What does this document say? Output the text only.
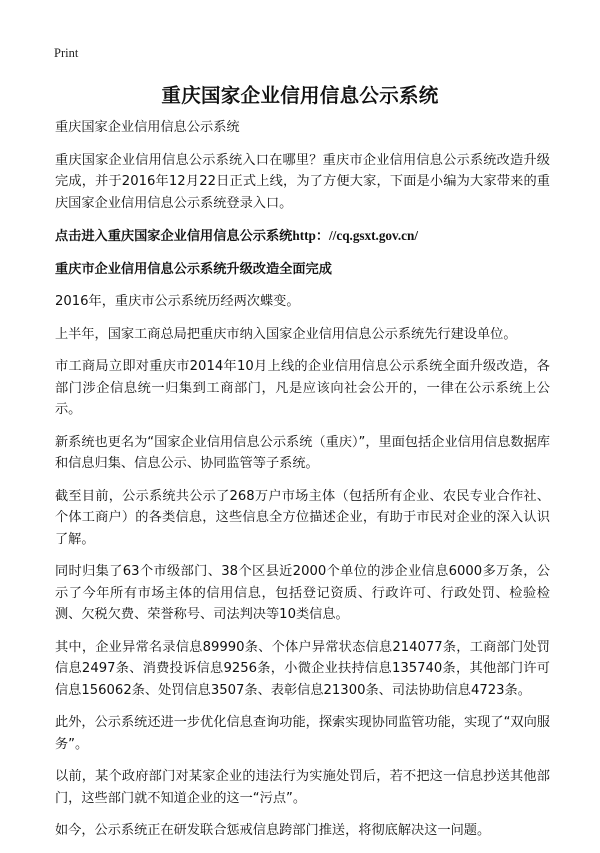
Print
重庆国家企业信用信息公示系统

重庆国家企业信用信息公示系统

重庆国家企业信用信息公示系统入口在哪里？重庆市企业信用信息公示系统改造升级完成，并于2016年12月22日正式上线，为了方便大家，下面是小编为大家带来的重庆国家企业信用信息公示系统登录入口。

点击进入重庆国家企业信用信息公示系统http：//cq.gsxt.gov.cn/

重庆市企业信用信息公示系统升级改造全面完成

2016年，重庆市公示系统历经两次蝶变。

上半年，国家工商总局把重庆市纳入国家企业信用信息公示系统先行建设单位。

市工商局立即对重庆市2014年10月上线的企业信用信息公示系统全面升级改造，各部门涉企信息统一归集到工商部门，凡是应该向社会公开的，一律在公示系统上公示。

新系统也更名为“国家企业信用信息公示系统（重庆）”，里面包括企业信用信息数据库和信息归集、信息公示、协同监管等子系统。

截至目前，公示系统共公示了268万户市场主体（包括所有企业、农民专业合作社、个体工商户）的各类信息，这些信息全方位描述企业，有助于市民对企业的深入认识了解。

同时归集了63个市级部门、38个区县近2000个单位的涉企业信息6000多万条，公示了今年所有市场主体的信用信息，包括登记资质、行政许可、行政处罚、检验检测、欠税欠费、荣誉称号、司法判决等10类信息。

其中，企业异常名录信息89990条、个体户异常状态信息214077条，工商部门处罚信息2497条、消费投诉信息9256条，小微企业扶持信息135740条，其他部门许可信息156062条、处罚信息3507条、表彰信息21300条、司法协助信息4723条。

此外，公示系统还进一步优化信息查询功能，探索实现协同监管功能，实现了“双向服务”。

以前，某个政府部门对某家企业的违法行为实施处罚后，若不把这一信息抄送其他部门，这些部门就不知道企业的这一“污点”。

如今，公示系统正在研发联合惩戒信息跨部门推送，将彻底解决这一问题。
